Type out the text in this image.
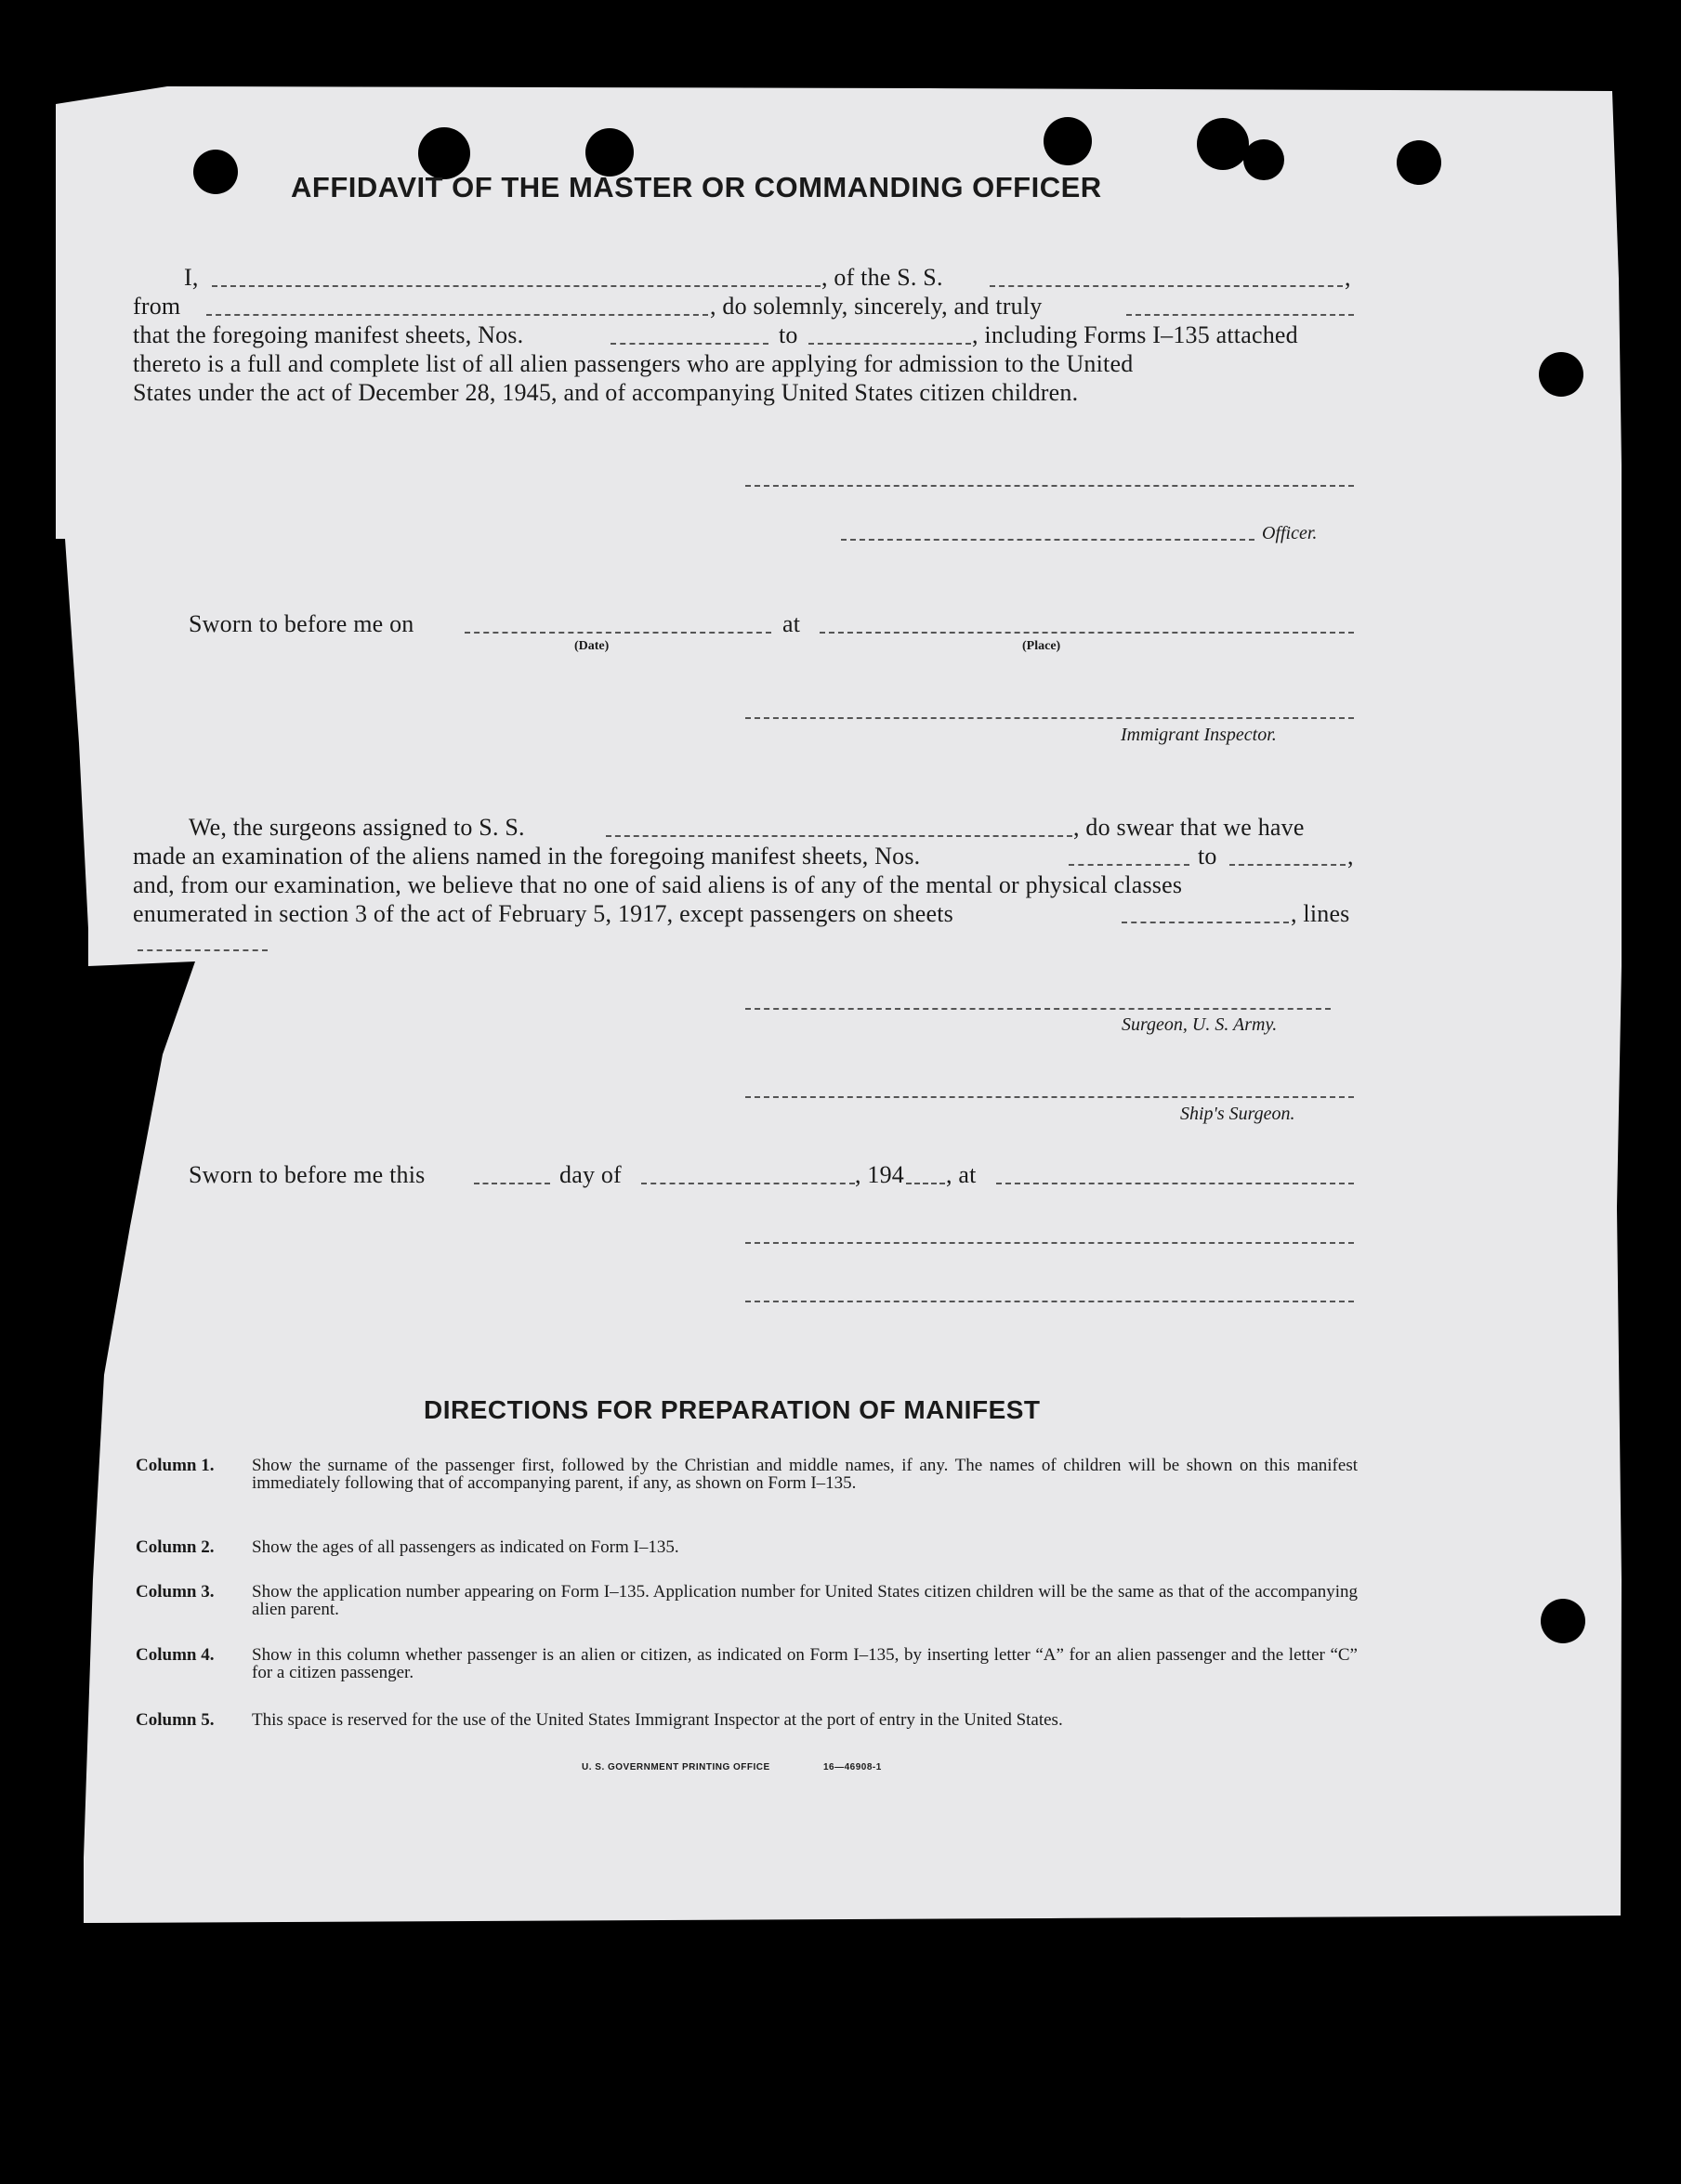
AFFIDAVIT OF THE MASTER OR COMMANDING OFFICER
I,	, of the S. S.	,
from	, do solemnly, sincerely, and truly
that the foregoing manifest sheets, Nos.	to	, including Forms I–135 attached
thereto is a full and complete list of all alien passengers who are applying for admission to the United
States under the act of December 28, 1945, and of accompanying United States citizen children.
Officer.
Sworn to before me on
(Date)
at
(Place)
Immigrant Inspector.
We, the surgeons assigned to S. S.	, do swear that we have
made an examination of the aliens named in the foregoing manifest sheets, Nos.	to	,
and, from our examination, we believe that no one of said aliens is of any of the mental or physical classes
enumerated in section 3 of the act of February 5, 1917, except passengers on sheets	, lines
Surgeon, U. S. Army.
Ship's Surgeon.
Sworn to before me this	day of	, 194 , at
DIRECTIONS FOR PREPARATION OF MANIFEST
Column 1.	Show the surname of the passenger first, followed by the Christian and middle names, if any. The names of children will be shown on this manifest immediately following that of accompanying parent, if any, as shown on Form I–135.
Column 2.	Show the ages of all passengers as indicated on Form I–135.
Column 3.	Show the application number appearing on Form I–135. Application number for United States citizen children will be the same as that of the accompanying alien parent.
Column 4.	Show in this column whether passenger is an alien or citizen, as indicated on Form I–135, by inserting letter “A” for an alien passenger and the letter “C” for a citizen passenger.
Column 5.	This space is reserved for the use of the United States Immigrant Inspector at the port of entry in the United States.
U. S. GOVERNMENT PRINTING OFFICE	16—46908-1
